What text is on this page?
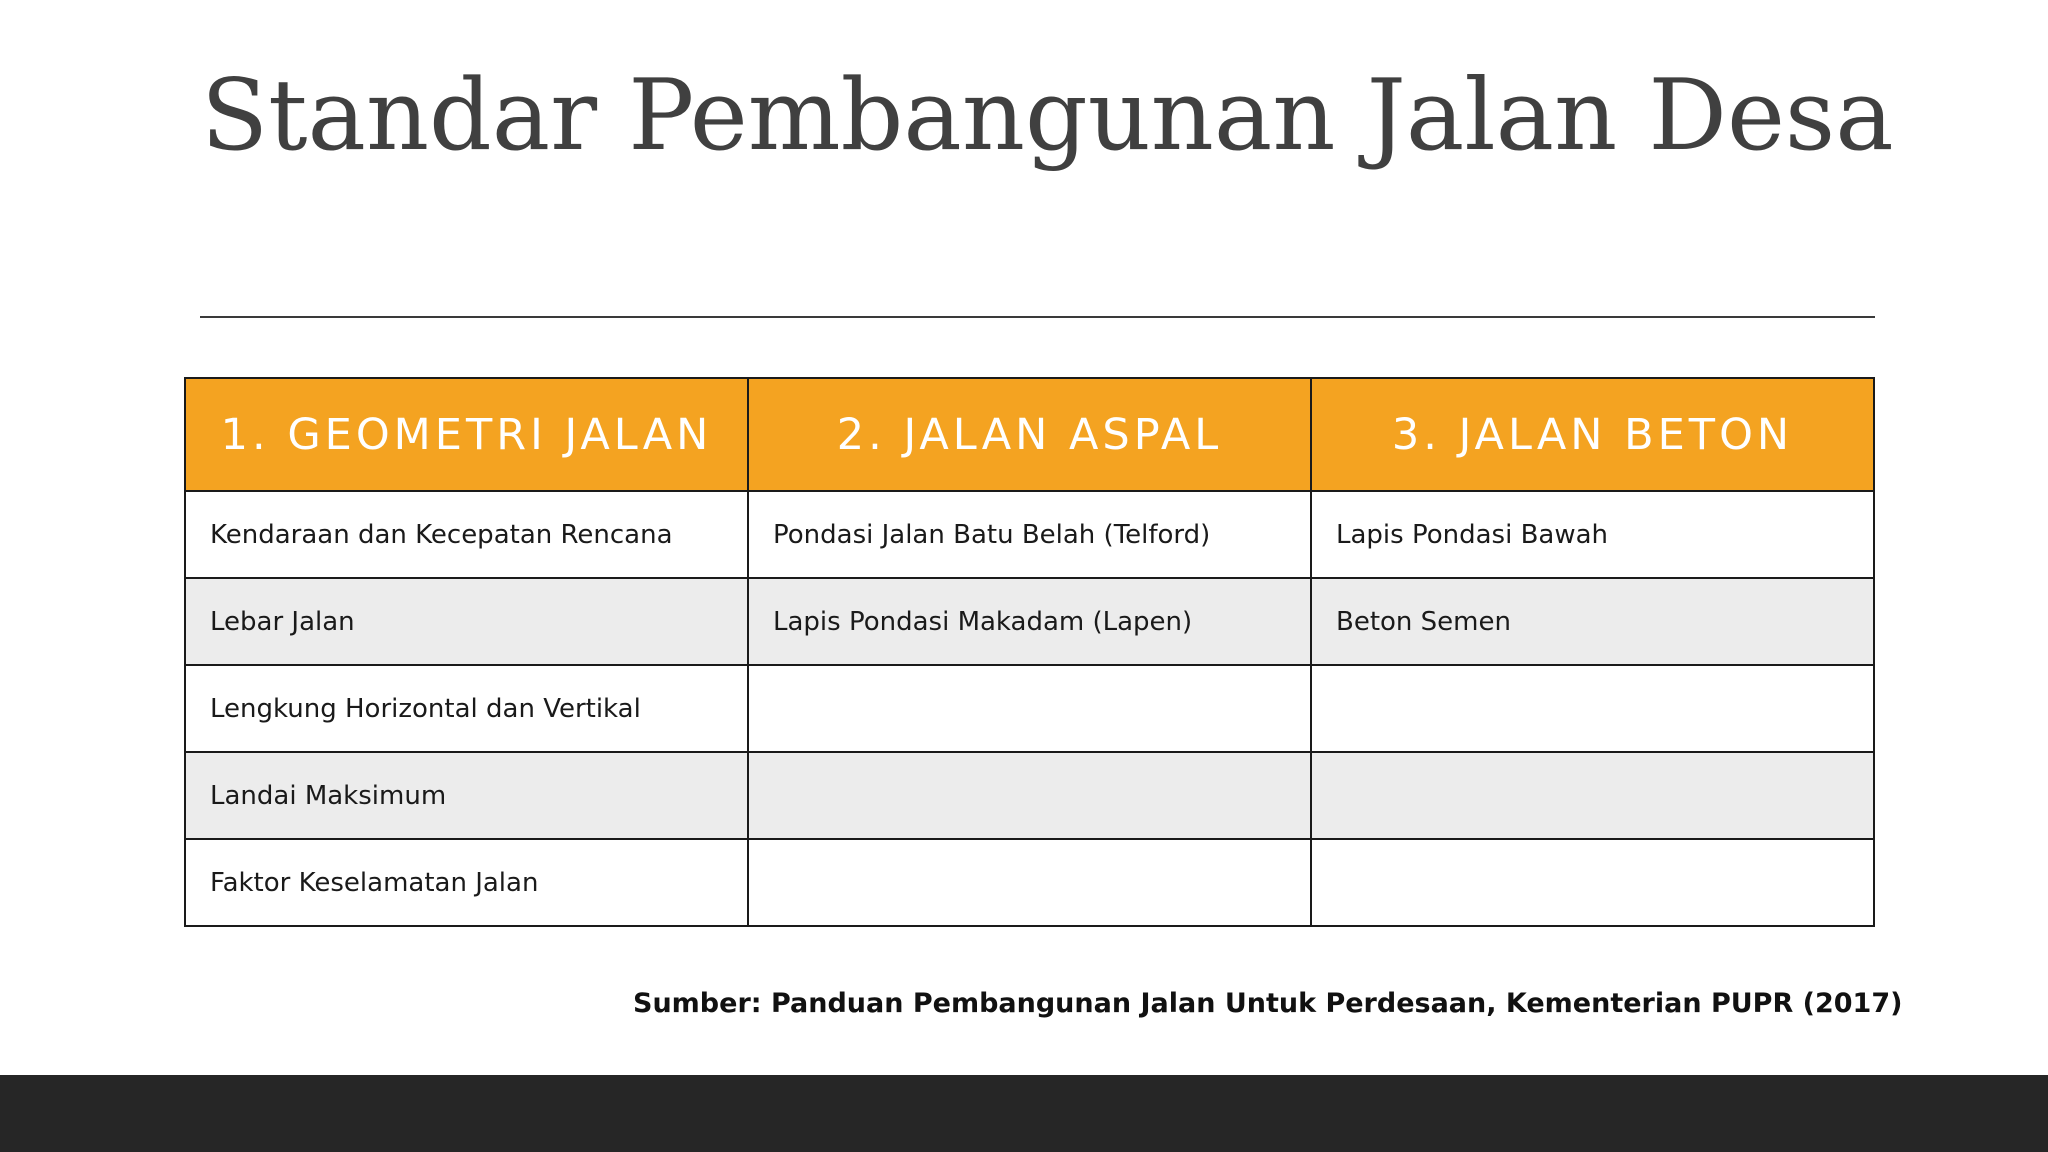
Standar Pembangunan Jalan Desa
1. GEOMETRI JALAN	2. JALAN ASPAL	3. JALAN BETON
Kendaraan dan Kecepatan Rencana	Pondasi Jalan Batu Belah (Telford)	Lapis Pondasi Bawah
Lebar Jalan	Lapis Pondasi Makadam (Lapen)	Beton Semen
Lengkung Horizontal dan Vertikal		
Landai Maksimum		
Faktor Keselamatan Jalan		

Sumber: Panduan Pembangunan Jalan Untuk Perdesaan, Kementerian PUPR (2017)
